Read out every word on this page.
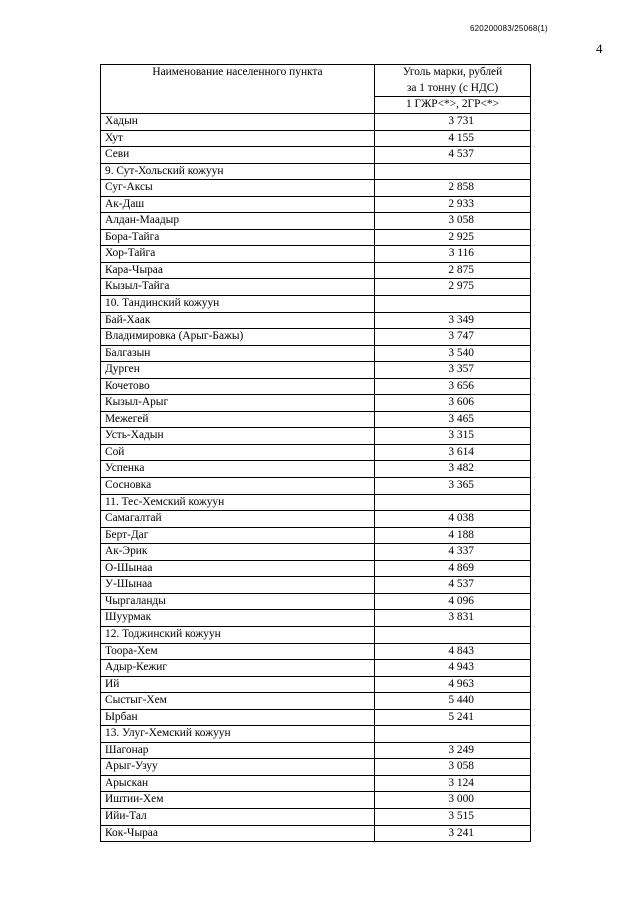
620200083/25068(1)
4
Наименование населенного пункта	Уголь марки, рублей
за 1 тонну (с НДС)
1 ГЖР<*>, 2ГР<*>

Хадын	3 731
Хут	4 155
Севи	4 537
9. Сут-Хольский кожуун	
Суг-Аксы	2 858
Ак-Даш	2 933
Алдан-Маадыр	3 058
Бора-Тайга	2 925
Хор-Тайга	3 116
Кара-Чыраа	2 875
Кызыл-Тайга	2 975
10. Тандинский кожуун	
Бай-Хаак	3 349
Владимировка (Арыг-Бажы)	3 747
Балгазын	3 540
Дурген	3 357
Кочетово	3 656
Кызыл-Арыг	3 606
Межегей	3 465
Усть-Хадын	3 315
Сой	3 614
Успенка	3 482
Сосновка	3 365
11. Тес-Хемский кожуун	
Самагалтай	4 038
Берт-Даг	4 188
Ак-Эрик	4 337
О-Шынаа	4 869
У-Шынаа	4 537
Чыргаланды	4 096
Шуурмак	3 831
12. Тоджинский кожуун	
Тоора-Хем	4 843
Адыр-Кежиг	4 943
Ий	4 963
Сыстыг-Хем	5 440
Ырбан	5 241
13. Улуг-Хемский кожуун	
Шагонар	3 249
Арыг-Узуу	3 058
Арыскан	3 124
Иштии-Хем	3 000
Ийи-Тал	3 515
Кок-Чыраа	3 241
